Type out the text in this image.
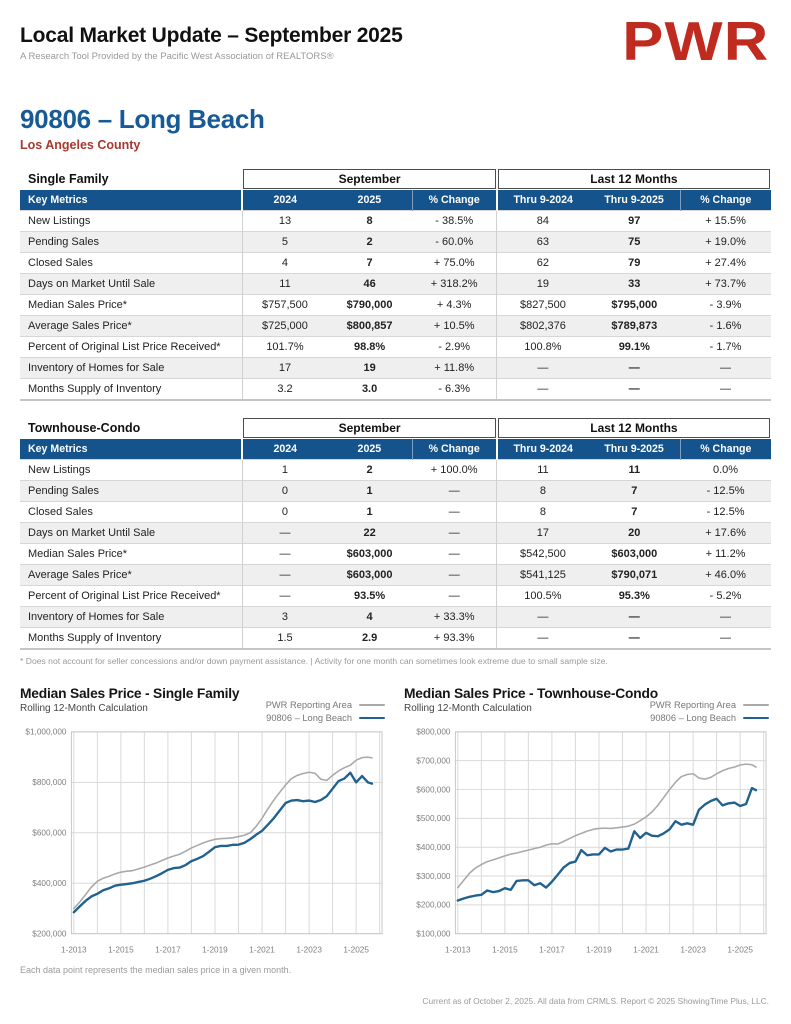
Local Market Update – September 2025
A Research Tool Provided by the Pacific West Association of REALTORS®	PWR
90806 – Long Beach
Los Angeles County
Single Family	September			Last 12 Months		
Key Metrics	2024	2025	% Change	Thru 9-2024	Thru 9-2025	% Change
New Listings	13	8	- 38.5%	84	97	+ 15.5%
Pending Sales	5	2	- 60.0%	63	75	+ 19.0%
Closed Sales	4	7	+ 75.0%	62	79	+ 27.4%
Days on Market Until Sale	11	46	+ 318.2%	19	33	+ 73.7%
Median Sales Price*	$757,500	$790,000	+ 4.3%	$827,500	$795,000	- 3.9%
Average Sales Price*	$725,000	$800,857	+ 10.5%	$802,376	$789,873	- 1.6%
Percent of Original List Price Received*	101.7%	98.8%	- 2.9%	100.8%	99.1%	- 1.7%
Inventory of Homes for Sale	17	19	+ 11.8%	—	—	—
Months Supply of Inventory	3.2	3.0	- 6.3%	—	—	—
Townhouse-Condo	September			Last 12 Months		
Key Metrics	2024	2025	% Change	Thru 9-2024	Thru 9-2025	% Change
New Listings	1	2	+ 100.0%	11	11	0.0%
Pending Sales	0	1	—	8	7	- 12.5%
Closed Sales	0	1	—	8	7	- 12.5%
Days on Market Until Sale	—	22	—	17	20	+ 17.6%
Median Sales Price*	—	$603,000	—	$542,500	$603,000	+ 11.2%
Average Sales Price*	—	$603,000	—	$541,125	$790,071	+ 46.0%
Percent of Original List Price Received*	—	93.5%	—	100.5%	95.3%	- 5.2%
Inventory of Homes for Sale	3	4	+ 33.3%	—	—	—
Months Supply of Inventory	1.5	2.9	+ 93.3%	—	—	—
* Does not account for seller concessions and/or down payment assistance. | Activity for one month can sometimes look extreme due to small sample size.
Median Sales Price - Single Family
Rolling 12-Month Calculation	PWR Reporting Area
90806 – Long Beach
$200,000
$400,000
$600,000
$800,000
$1,000,000
1-2013	1-2015	1-2017	1-2019	1-2021	1-2023	1-2025
Each data point represents the median sales price in a given month.
Median Sales Price - Townhouse-Condo
Rolling 12-Month Calculation	PWR Reporting Area
90806 – Long Beach
$100,000
$200,000
$300,000
$400,000
$500,000
$600,000
$700,000
$800,000
1-2013	1-2015	1-2017	1-2019	1-2021	1-2023	1-2025
Current as of October 2, 2025. All data from CRMLS. Report © 2025 ShowingTime Plus, LLC.
